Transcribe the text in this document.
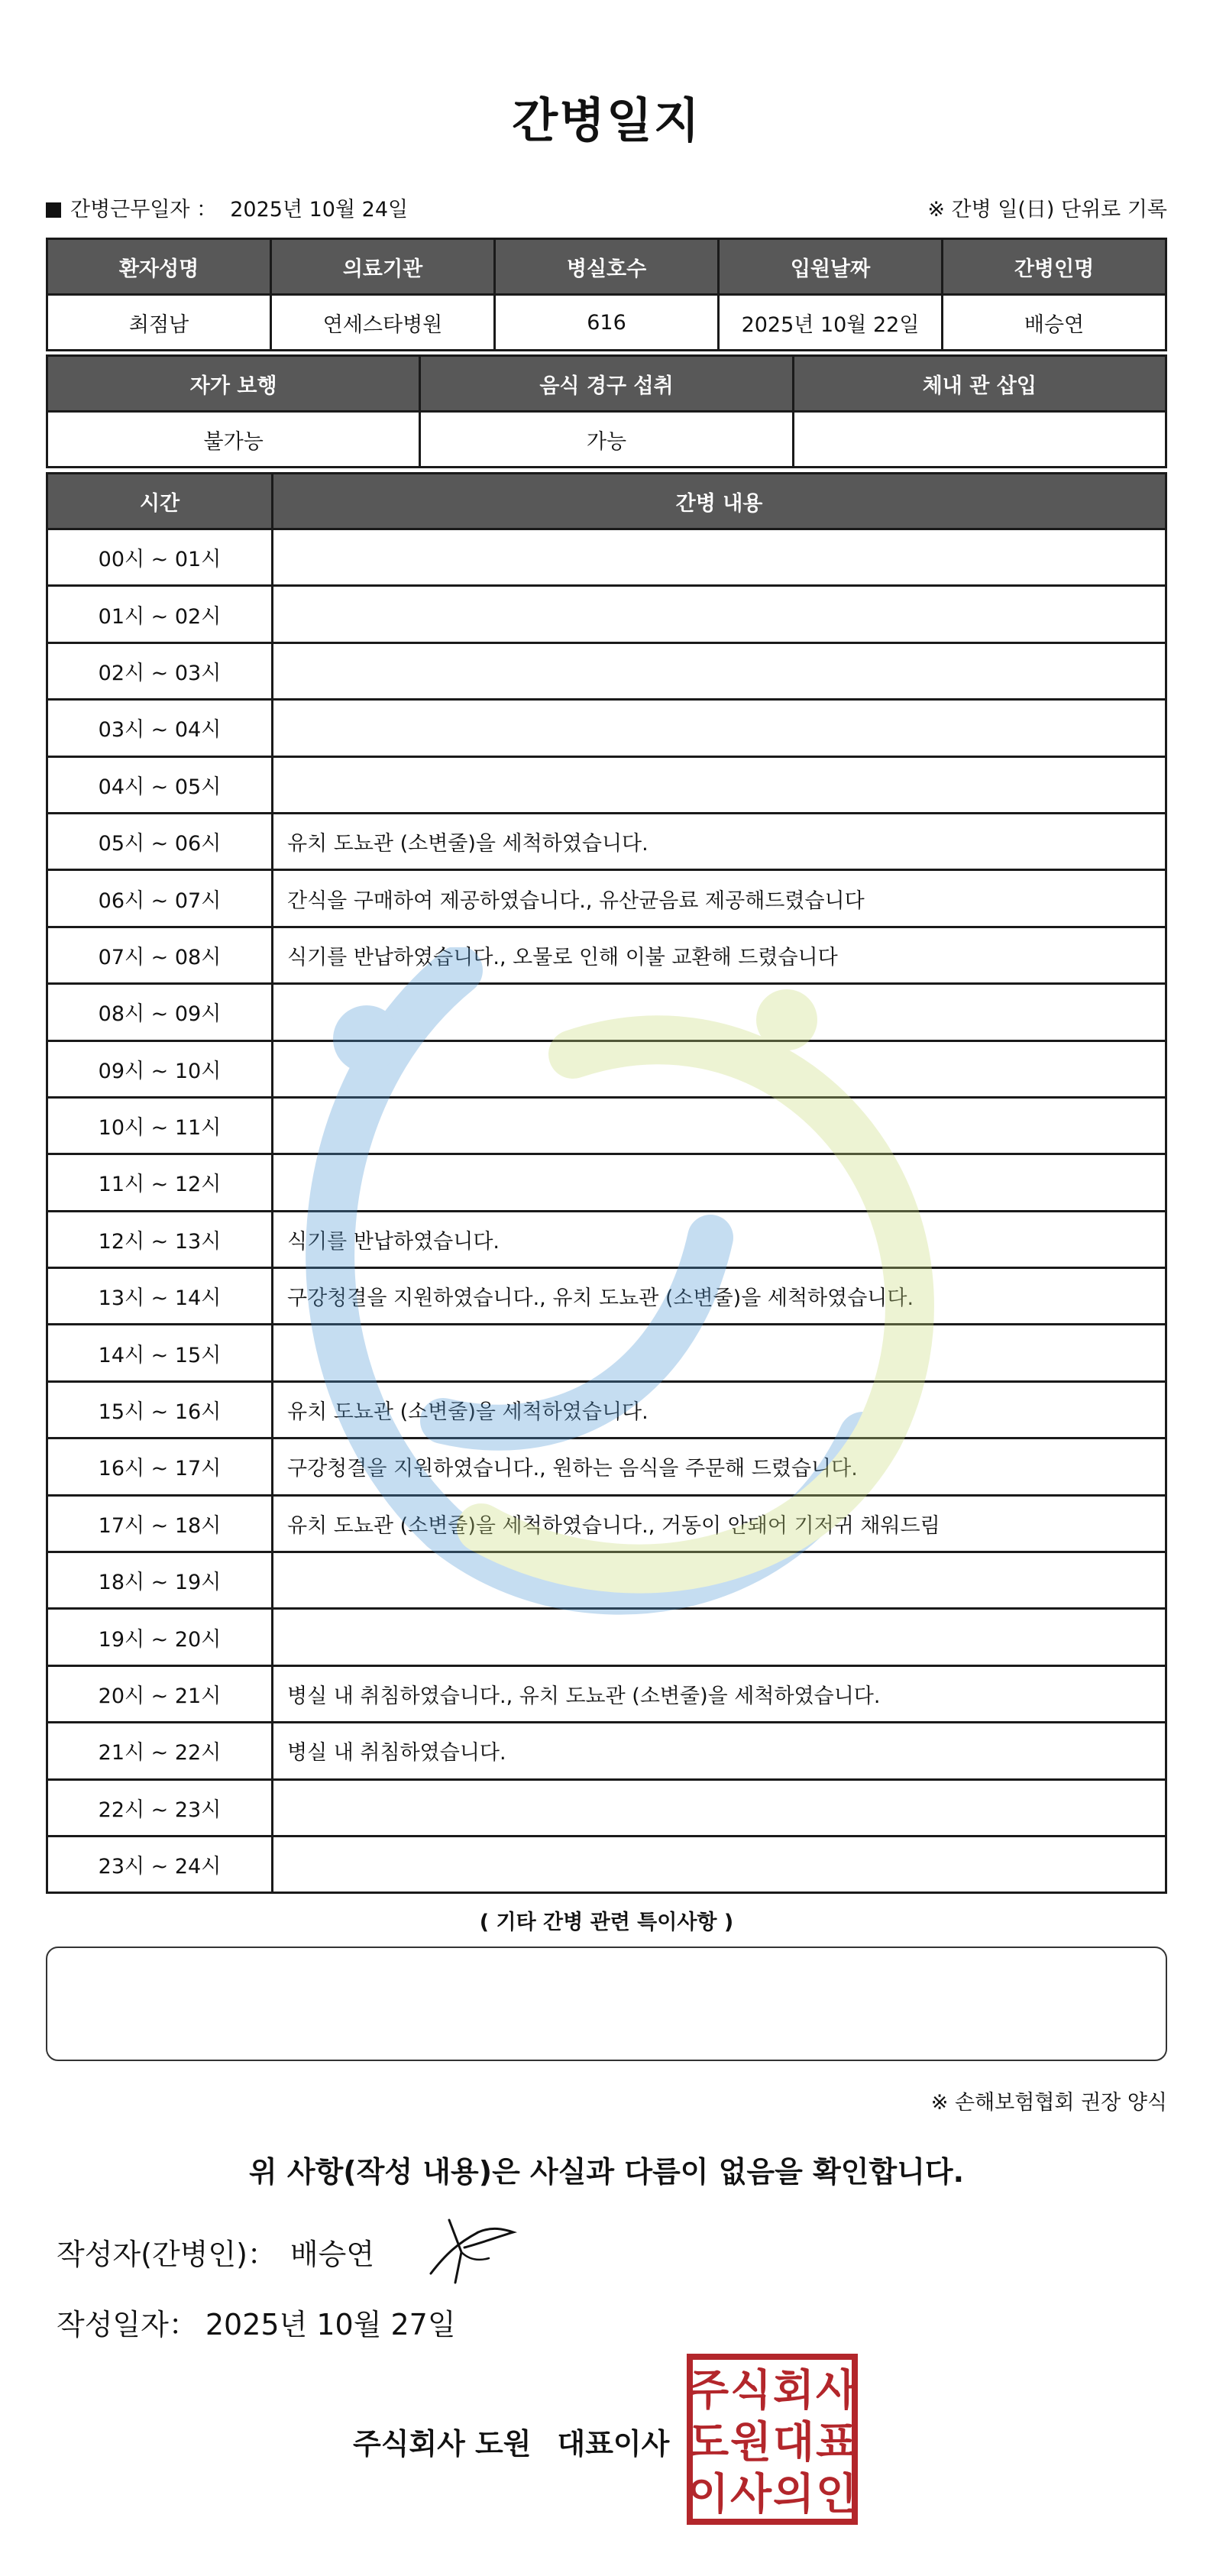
간병일지
간병근무일자 ： 2025년 10월 24일	※ 간병 일(日) 단위로 기록
환자성명	의료기관	병실호수	입원날짜	간병인명
최점남	연세스타병원	616	2025년 10월 22일	배승연
자가 보행	음식 경구 섭취	체내 관 삽입
불가능	가능	
시간	간병 내용
00시 ~ 01시	
01시 ~ 02시	
02시 ~ 03시	
03시 ~ 04시	
04시 ~ 05시	
05시 ~ 06시	유치 도뇨관 (소변줄)을 세척하였습니다.
06시 ~ 07시	간식을 구매하여 제공하였습니다., 유산균음료 제공해드렸습니다
07시 ~ 08시	식기를 반납하였습니다., 오물로 인해 이불 교환해 드렸습니다
08시 ~ 09시	
09시 ~ 10시	
10시 ~ 11시	
11시 ~ 12시	
12시 ~ 13시	식기를 반납하였습니다.
13시 ~ 14시	구강청결을 지원하였습니다., 유치 도뇨관 (소변줄)을 세척하였습니다.
14시 ~ 15시	
15시 ~ 16시	유치 도뇨관 (소변줄)을 세척하였습니다.
16시 ~ 17시	구강청결을 지원하였습니다., 원하는 음식을 주문해 드렸습니다.
17시 ~ 18시	유치 도뇨관 (소변줄)을 세척하였습니다., 거동이 안돼어 기저귀 채워드림
18시 ~ 19시	
19시 ~ 20시	
20시 ~ 21시	병실 내 취침하였습니다., 유치 도뇨관 (소변줄)을 세척하였습니다.
21시 ~ 22시	병실 내 취침하였습니다.
22시 ~ 23시	
23시 ~ 24시	
( 기타 간병 관련 특이사항 )
※ 손해보험협회 권장 양식
위 사항(작성 내용)은 사실과 다름이 없음을 확인합니다.
작성자(간병인)： 배승연
작성일자： 2025년 10월 27일
주식회사 도원 대표이사
주 식 회 사
도 원 대 표
이 사 의 인
